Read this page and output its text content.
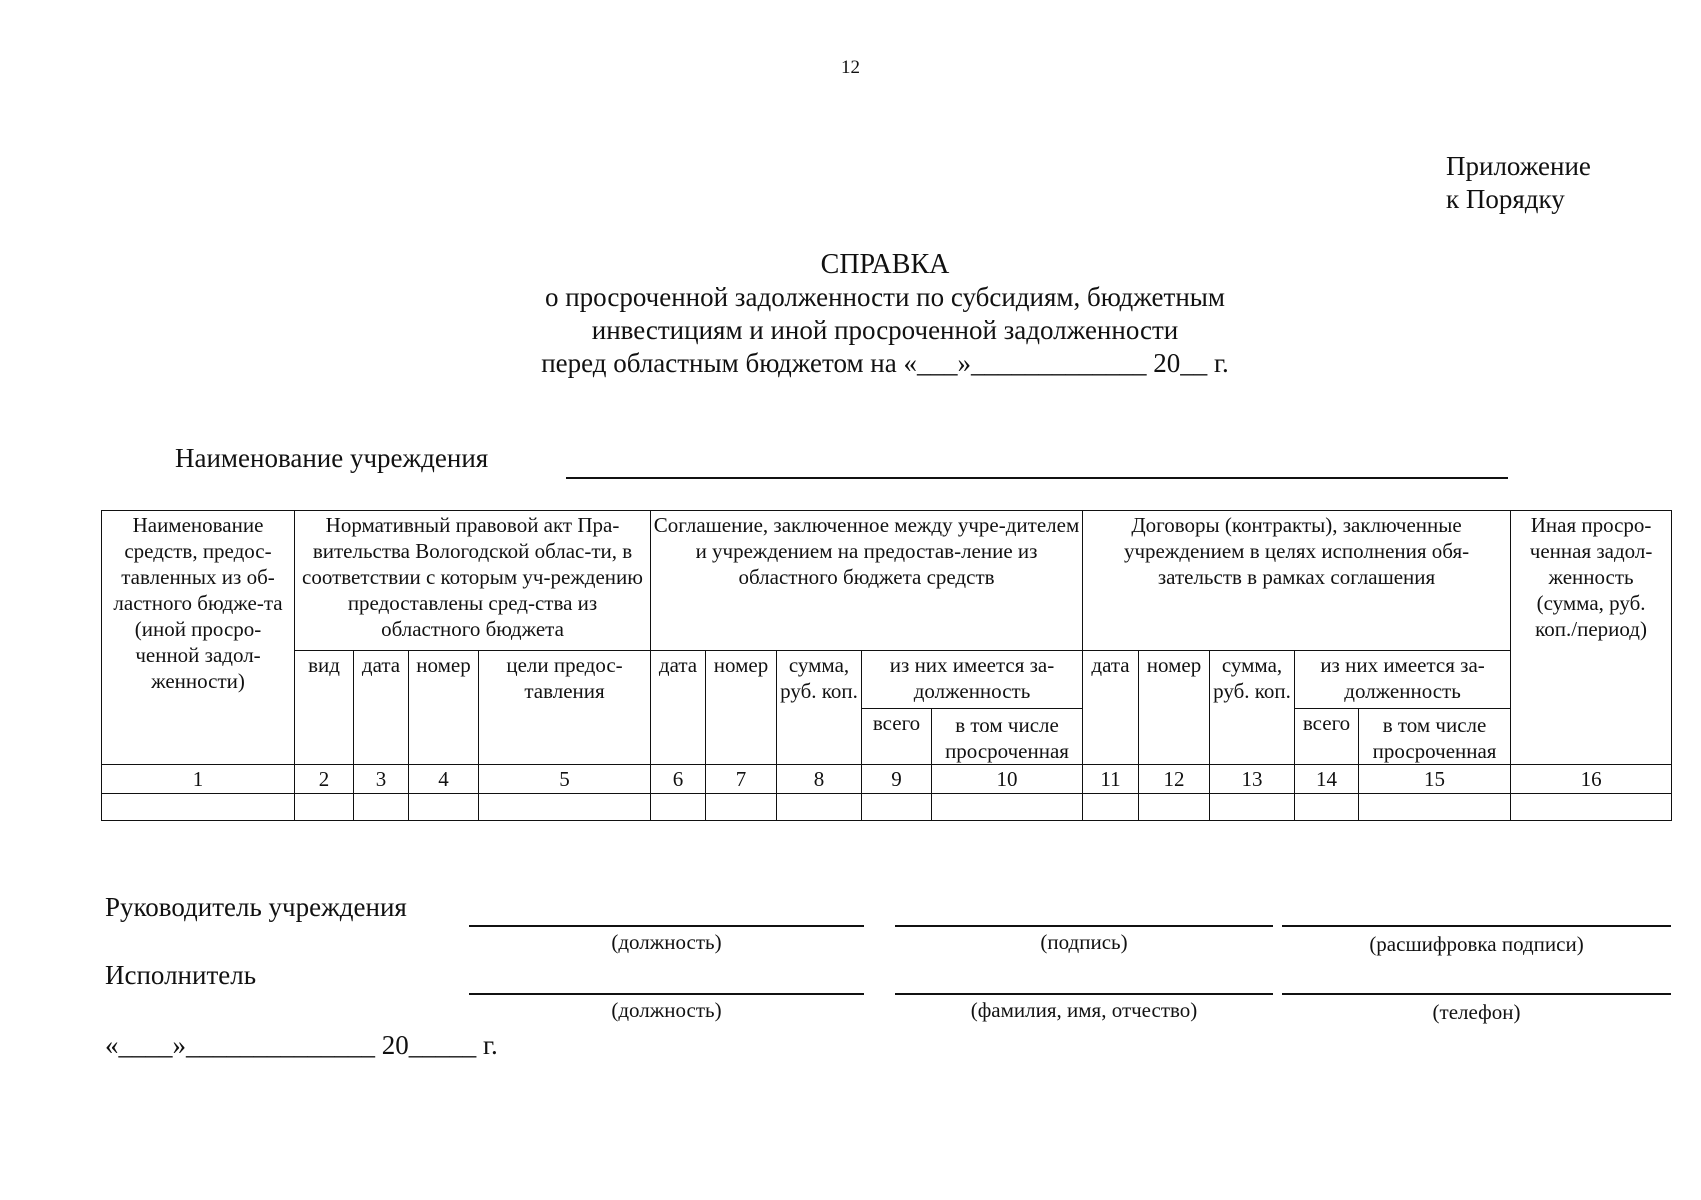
12
Приложение
к Порядку
СПРАВКА
о просроченной задолженности по субсидиям, бюджетным
инвестициям и иной просроченной задолженности
перед областным бюджетом на «___»_____________ 20__ г.
Наименование учреждения
Наименование средств, предос-тавленных из об-ластного бюдже-та (иной просро-ченной задол-женности)	Нормативный правовой акт Пра-вительства Вологодской облас-ти, в соответствии с которым уч-реждению предоставлены сред-ства из областного бюджета				Соглашение, заключенное между учре-дителем и учреждением на предостав-ление из областного бюджета средств					Договоры (контракты), заключенные учреждением в целях исполнения обя-зательств в рамках соглашения					Иная просро-ченная задол-женность (сумма, руб. коп./период)
	вид	дата	номер	цели предос-тавления	дата	номер	сумма, руб. коп.	из них имеется за-долженность		дата	номер	сумма, руб. коп.	из них имеется за-долженность		
								всего	в том числе просроченная				всего	в том числе просроченная	
1	2	3	4	5	6	7	8	9	10	11	12	13	14	15	16

Руководитель учреждения
(должность)	(подпись)	(расшифровка подписи)
Исполнитель
(должность)	(фамилия, имя, отчество)	(телефон)
«____»______________ 20_____ г.
